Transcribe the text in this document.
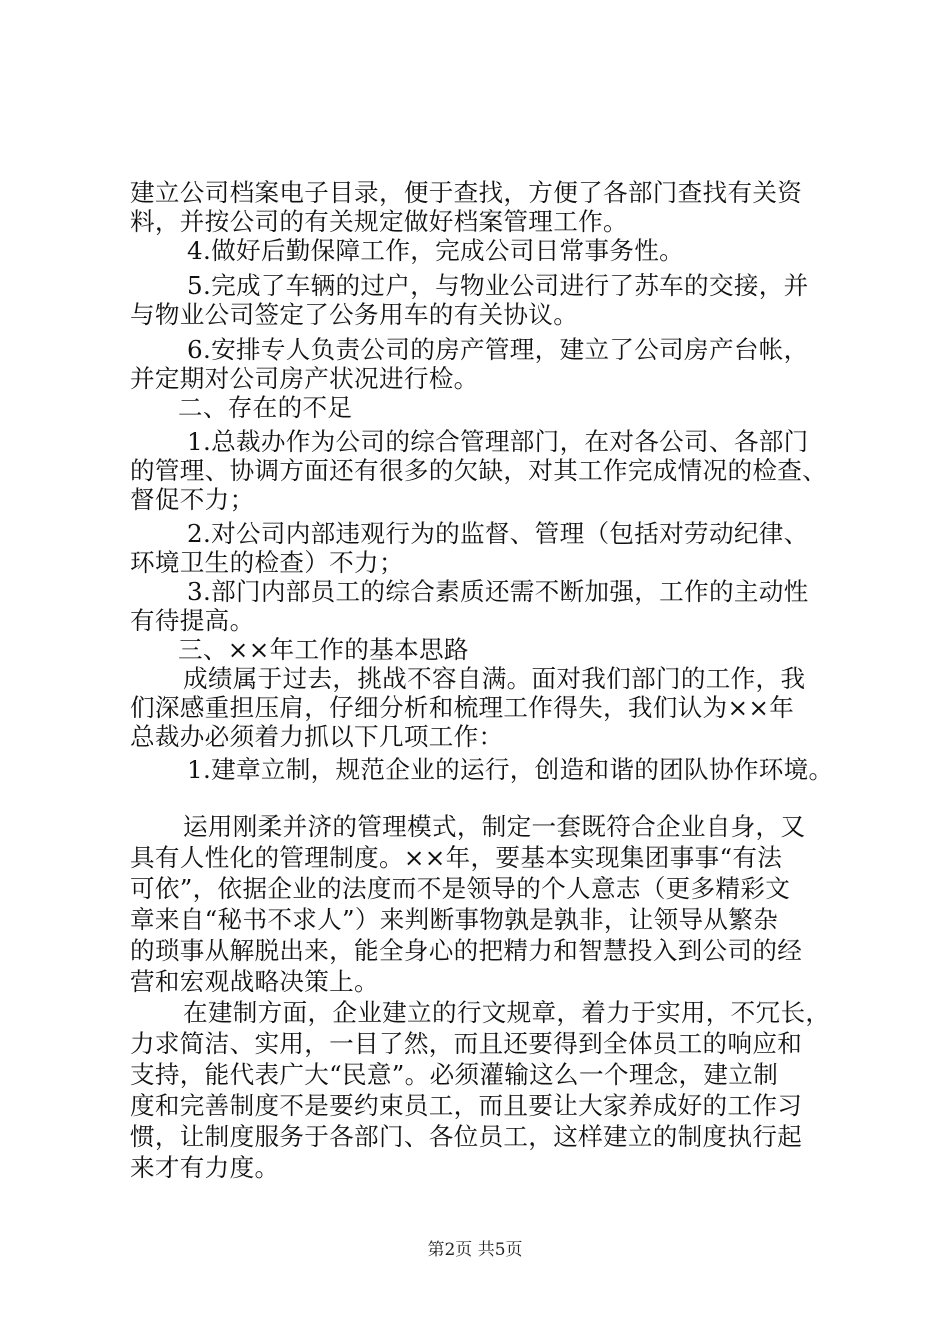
建立公司档案电子目录，便于查找，方便了各部门查找有关资
料，并按公司的有关规定做好档案管理工作。
4.做好后勤保障工作，完成公司日常事务性。
5.完成了车辆的过户，与物业公司进行了苏车的交接，并
与物业公司签定了公务用车的有关协议。
6.安排专人负责公司的房产管理，建立了公司房产台帐，
并定期对公司房产状况进行检。
二、存在的不足
1.总裁办作为公司的综合管理部门，在对各公司、各部门
的管理、协调方面还有很多的欠缺，对其工作完成情况的检查、
督促不力；
2.对公司内部违观行为的监督、管理（包括对劳动纪律、
环境卫生的检查）不力；
3.部门内部员工的综合素质还需不断加强，工作的主动性
有待提高。
三、××年工作的基本思路
成绩属于过去，挑战不容自满。面对我们部门的工作，我
们深感重担压肩，仔细分析和梳理工作得失，我们认为××年
总裁办必须着力抓以下几项工作：
1.建章立制，规范企业的运行，创造和谐的团队协作环境。
运用刚柔并济的管理模式，制定一套既符合企业自身，又
具有人性化的管理制度。××年，要基本实现集团事事“有法
可依”，依据企业的法度而不是领导的个人意志（更多精彩文
章来自“秘书不求人”）来判断事物孰是孰非，让领导从繁杂
的琐事从解脱出来，能全身心的把精力和智慧投入到公司的经
营和宏观战略决策上。
在建制方面，企业建立的行文规章，着力于实用，不冗长，
力求简洁、实用，一目了然，而且还要得到全体员工的响应和
支持，能代表广大“民意”。必须灌输这么一个理念，建立制
度和完善制度不是要约束员工，而且要让大家养成好的工作习
惯，让制度服务于各部门、各位员工，这样建立的制度执行起
来才有力度。
第2页 共5页
